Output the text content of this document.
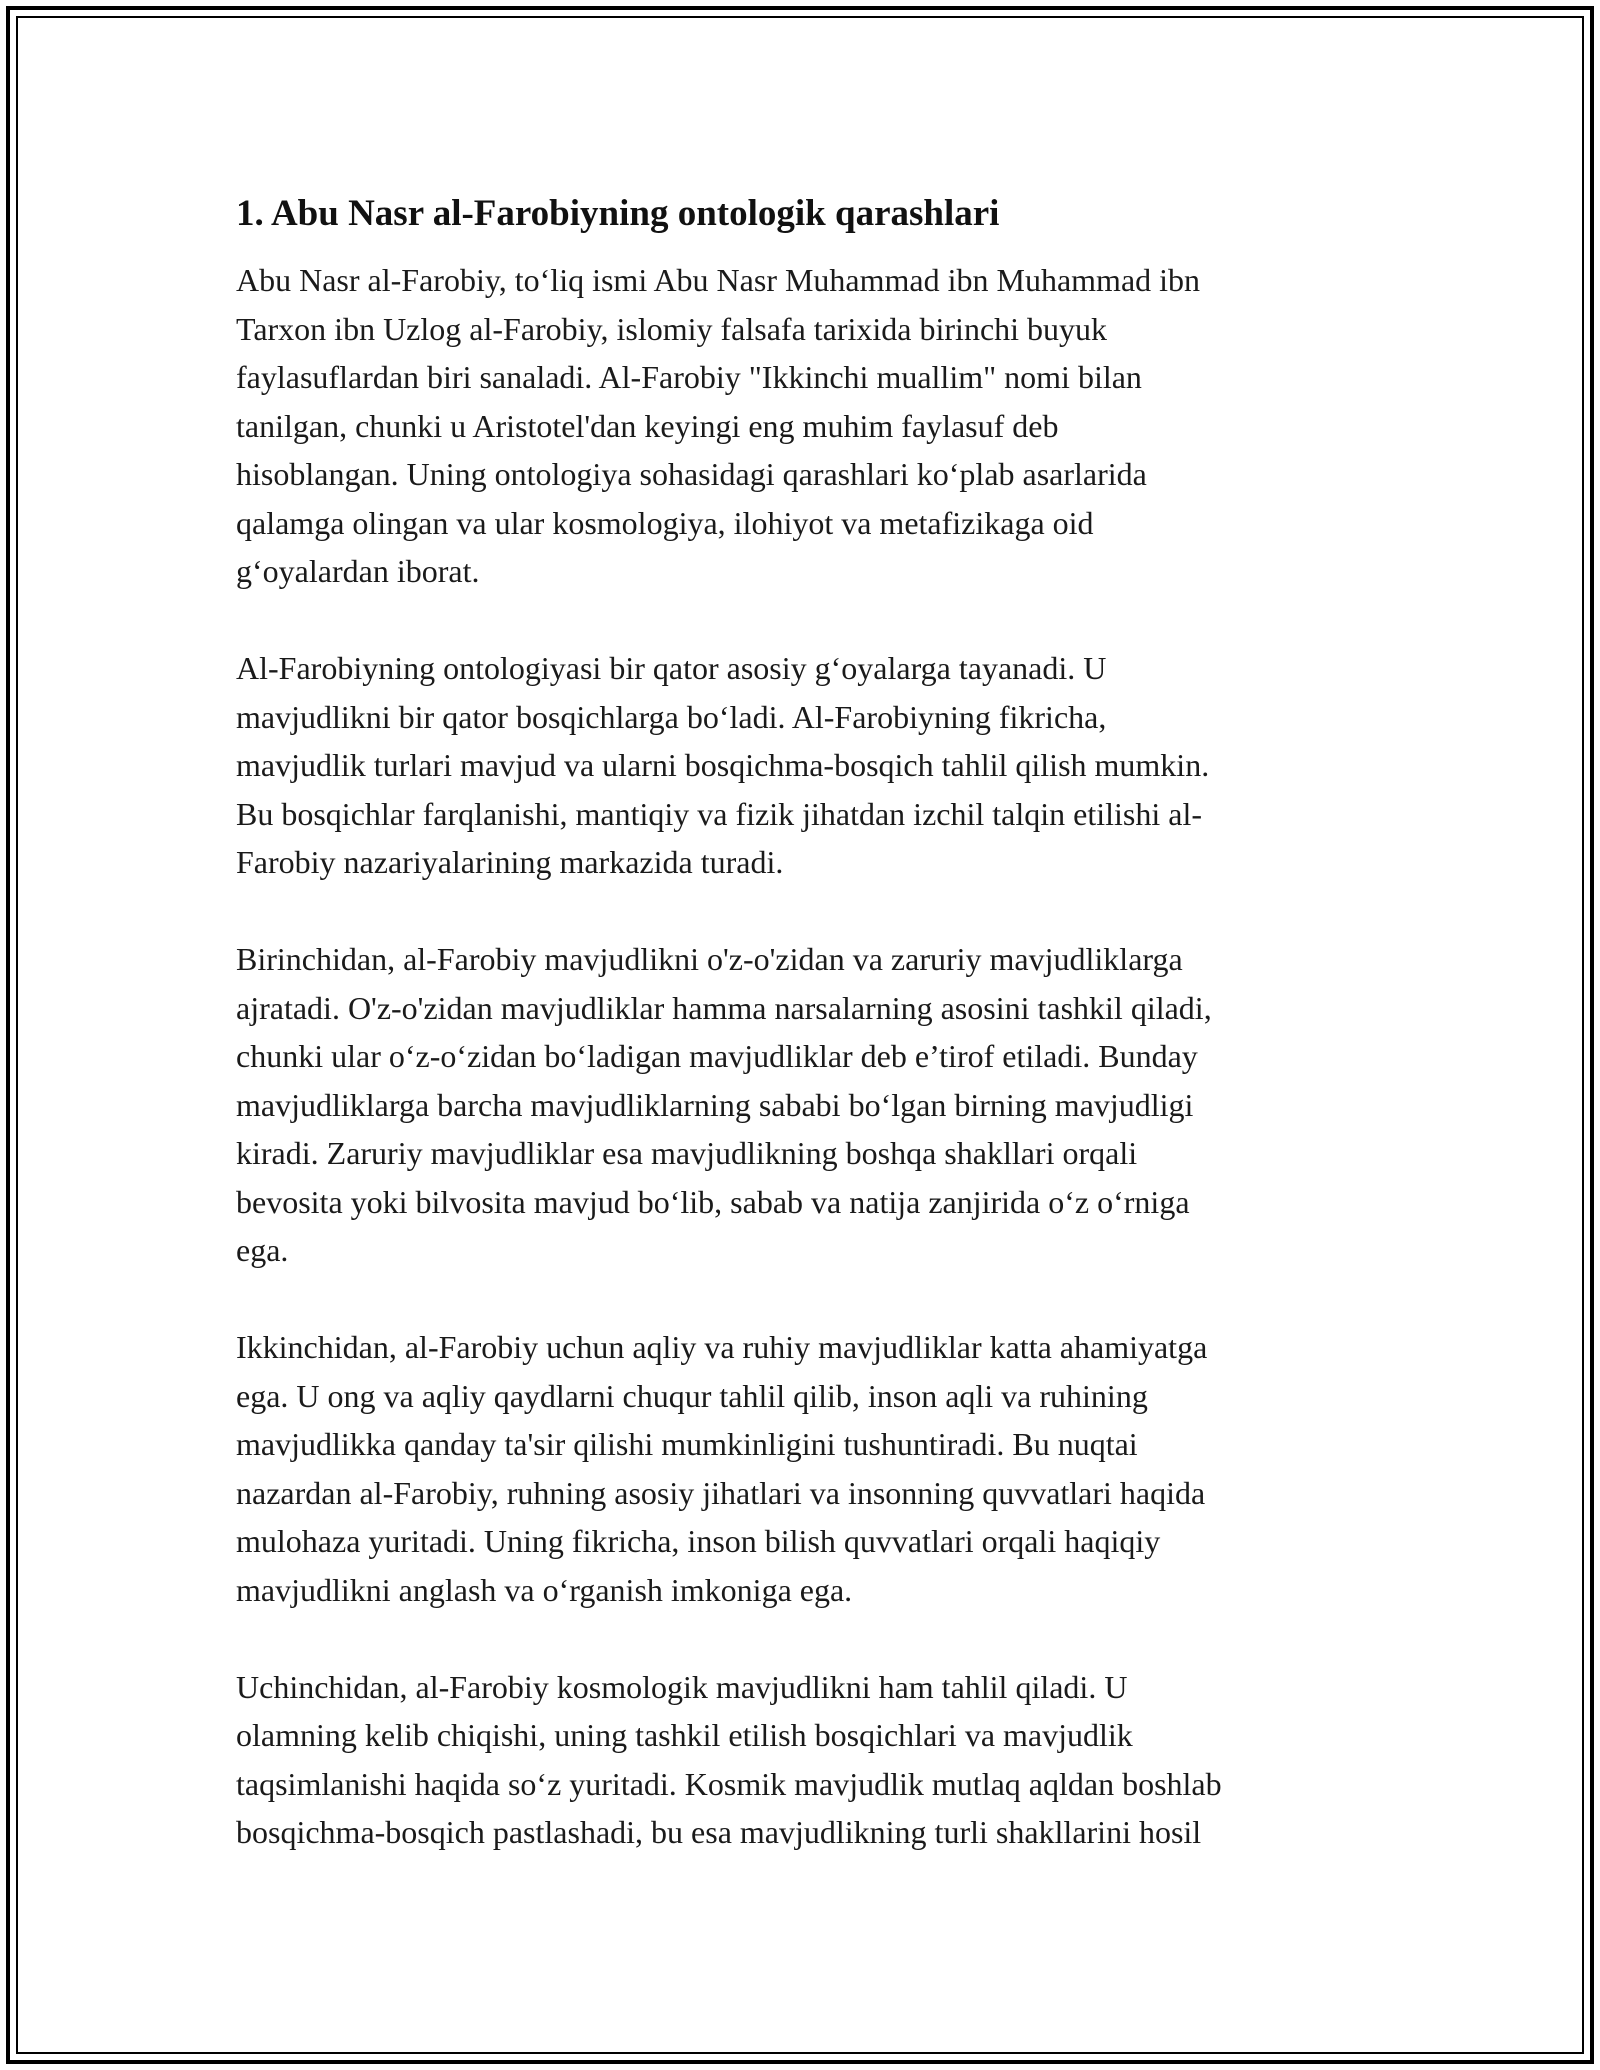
1. Abu Nasr al-Farobiyning ontologik qarashlari

Abu Nasr al-Farobiy, to‘liq ismi Abu Nasr Muhammad ibn Muhammad ibn
Tarxon ibn Uzlog al-Farobiy, islomiy falsafa tarixida birinchi buyuk
faylasuflardan biri sanaladi. Al-Farobiy "Ikkinchi muallim" nomi bilan
tanilgan, chunki u Aristotel'dan keyingi eng muhim faylasuf deb
hisoblangan. Uning ontologiya sohasidagi qarashlari ko‘plab asarlarida
qalamga olingan va ular kosmologiya, ilohiyot va metafizikaga oid
g‘oyalardan iborat.

Al-Farobiyning ontologiyasi bir qator asosiy g‘oyalarga tayanadi. U
mavjudlikni bir qator bosqichlarga bo‘ladi. Al-Farobiyning fikricha,
mavjudlik turlari mavjud va ularni bosqichma-bosqich tahlil qilish mumkin.
Bu bosqichlar farqlanishi, mantiqiy va fizik jihatdan izchil talqin etilishi al-
Farobiy nazariyalarining markazida turadi.

Birinchidan, al-Farobiy mavjudlikni o'z-o'zidan va zaruriy mavjudliklarga
ajratadi. O'z-o'zidan mavjudliklar hamma narsalarning asosini tashkil qiladi,
chunki ular o‘z-o‘zidan bo‘ladigan mavjudliklar deb e’tirof etiladi. Bunday
mavjudliklarga barcha mavjudliklarning sababi bo‘lgan birning mavjudligi
kiradi. Zaruriy mavjudliklar esa mavjudlikning boshqa shakllari orqali
bevosita yoki bilvosita mavjud bo‘lib, sabab va natija zanjirida o‘z o‘rniga
ega.

Ikkinchidan, al-Farobiy uchun aqliy va ruhiy mavjudliklar katta ahamiyatga
ega. U ong va aqliy qaydlarni chuqur tahlil qilib, inson aqli va ruhining
mavjudlikka qanday ta'sir qilishi mumkinligini tushuntiradi. Bu nuqtai
nazardan al-Farobiy, ruhning asosiy jihatlari va insonning quvvatlari haqida
mulohaza yuritadi. Uning fikricha, inson bilish quvvatlari orqali haqiqiy
mavjudlikni anglash va o‘rganish imkoniga ega.

Uchinchidan, al-Farobiy kosmologik mavjudlikni ham tahlil qiladi. U
olamning kelib chiqishi, uning tashkil etilish bosqichlari va mavjudlik
taqsimlanishi haqida so‘z yuritadi. Kosmik mavjudlik mutlaq aqldan boshlab
bosqichma-bosqich pastlashadi, bu esa mavjudlikning turli shakllarini hosil
